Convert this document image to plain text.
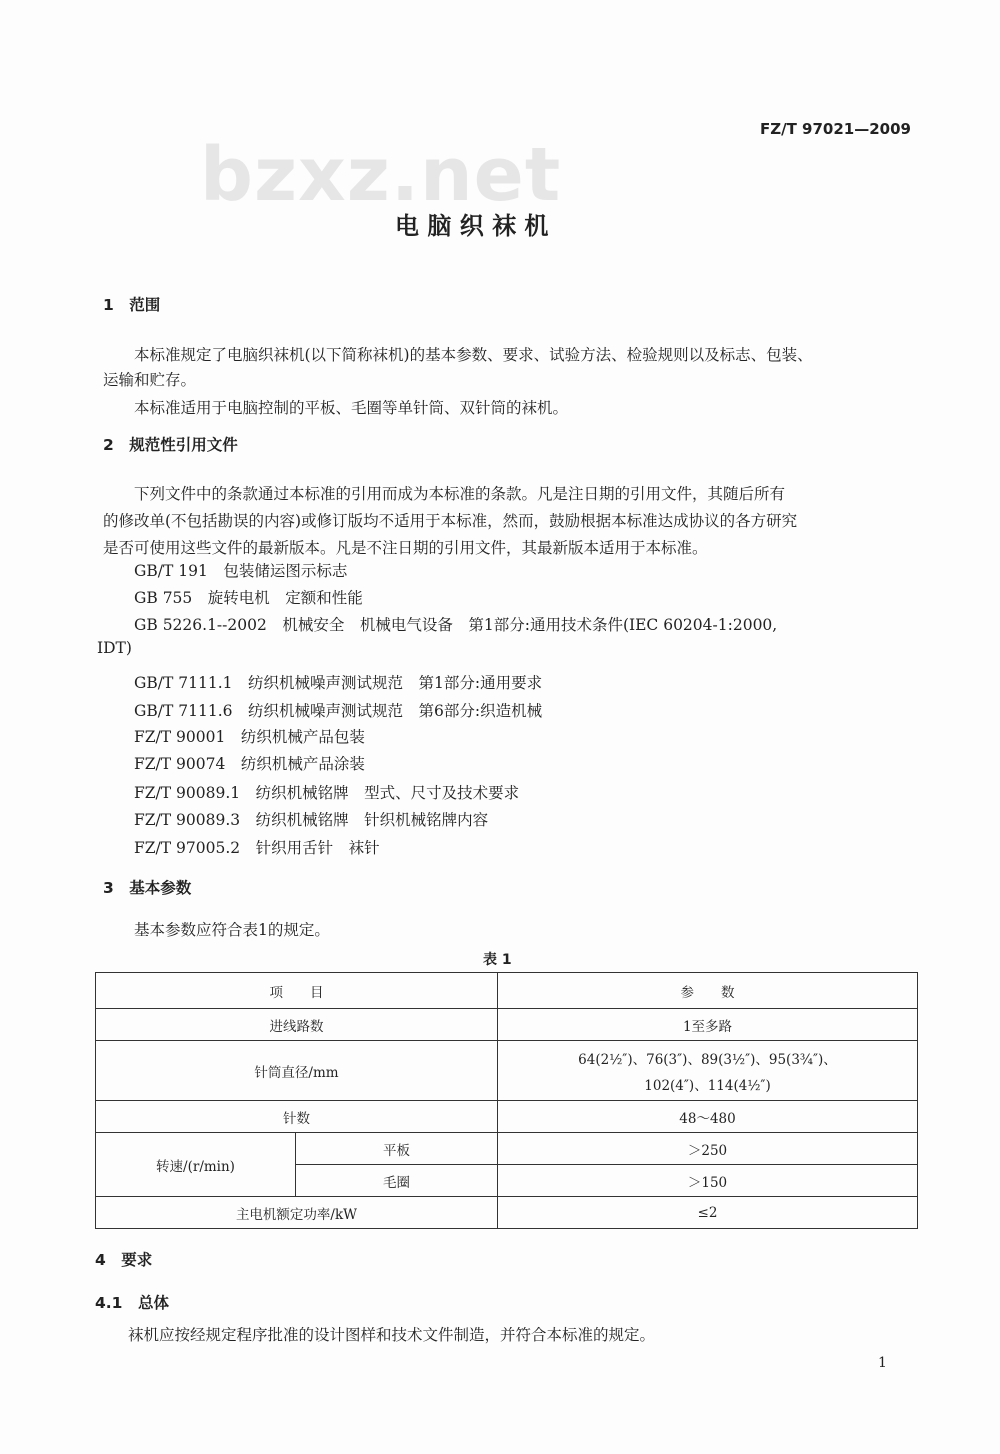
bzxz.net
FZ/T 97021—2009
电 脑 织 袜 机
1　范围
本标准规定了电脑织袜机(以下简称袜机)的基本参数、要求、试验方法、检验规则以及标志、包装、
运输和贮存。
本标准适用于电脑控制的平板、毛圈等单针筒、双针筒的袜机。
2　规范性引用文件
下列文件中的条款通过本标准的引用而成为本标准的条款。凡是注日期的引用文件，其随后所有
的修改单(不包括勘误的内容)或修订版均不适用于本标准，然而，鼓励根据本标准达成协议的各方研究
是否可使用这些文件的最新版本。凡是不注日期的引用文件，其最新版本适用于本标准。
GB/T 191　包装储运图示标志
GB 755　旋转电机　定额和性能
GB 5226.1--2002　机械安全　机械电气设备　第1部分:通用技术条件(IEC 60204-1:2000,
IDT)
GB/T 7111.1　纺织机械噪声测试规范　第1部分:通用要求
GB/T 7111.6　纺织机械噪声测试规范　第6部分:织造机械
FZ/T 90001　纺织机械产品包装
FZ/T 90074　纺织机械产品涂装
FZ/T 90089.1　纺织机械铭牌　型式、尺寸及技术要求
FZ/T 90089.3　纺织机械铭牌　针织机械铭牌内容
FZ/T 97005.2　针织用舌针　袜针
3　基本参数
基本参数应符合表1的规定。
表 1
项　　目		参　　数
进线路数		1至多路
针筒直径/mm		64(2½″)、76(3″)、89(3½″)、95(3¾″)、
102(4″)、114(4½″)

针数		48～480
转速/(r/min)	平板	＞250
	毛圈	＞150
主电机额定功率/kW		≤2
4　要求
4.1　总体
袜机应按经规定程序批准的设计图样和技术文件制造，并符合本标准的规定。
1
